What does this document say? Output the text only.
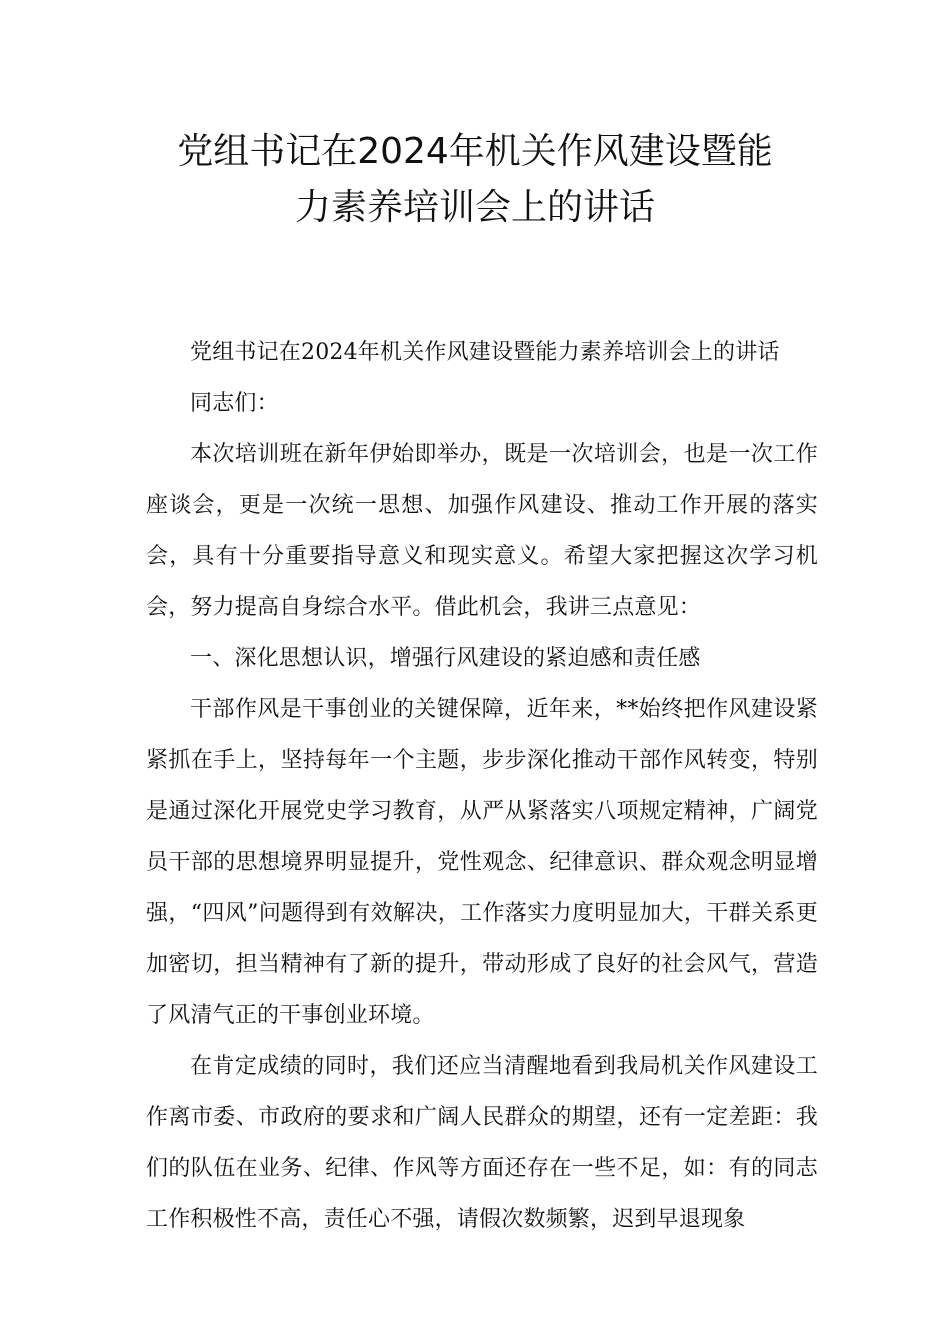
党组书记在2024年机关作风建设暨能
力素养培训会上的讲话

党组书记在2024年机关作风建设暨能力素养培训会上的讲话

同志们：

本次培训班在新年伊始即举办，既是一次培训会，也是一次工作座谈会，更是一次统一思想、加强作风建设、推动工作开展的落实会，具有十分重要指导意义和现实意义。希望大家把握这次学习机会，努力提高自身综合水平。借此机会，我讲三点意见：

一、深化思想认识，增强行风建设的紧迫感和责任感

干部作风是干事创业的关键保障，近年来，**始终把作风建设紧紧抓在手上，坚持每年一个主题，步步深化推动干部作风转变，特别是通过深化开展党史学习教育，从严从紧落实八项规定精神，广阔党员干部的思想境界明显提升，党性观念、纪律意识、群众观念明显增强，“四风”问题得到有效解决，工作落实力度明显加大，干群关系更加密切，担当精神有了新的提升，带动形成了良好的社会风气，营造了风清气正的干事创业环境。

在肯定成绩的同时，我们还应当清醒地看到我局机关作风建设工作离市委、市政府的要求和广阔人民群众的期望，还有一定差距：我们的队伍在业务、纪律、作风等方面还存在一些不足，如：有的同志工作积极性不高，责任心不强，请假次数频繁，迟到早退现象
